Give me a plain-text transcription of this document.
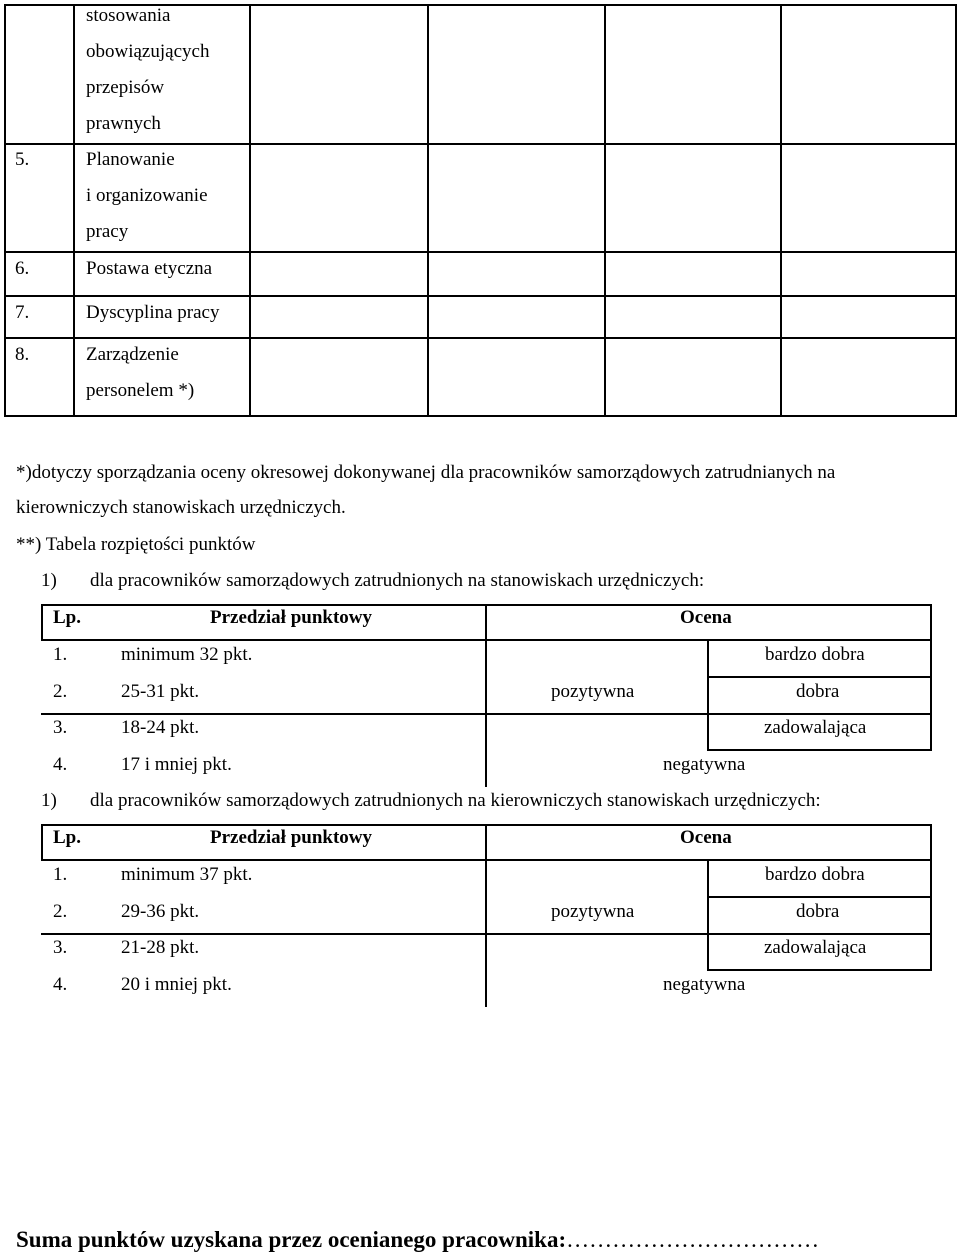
stosowania
obowiązujących
przepisów
prawnych
5.	Planowanie
i organizowanie
pracy
6.	Postawa etyczna
7.	Dyscyplina pracy
8.	Zarządzenie
personelem *)
*)dotyczy sporządzania oceny okresowej dokonywanej dla pracowników samorządowych zatrudnianych na
kierowniczych stanowiskach urzędniczych.
**) Tabela rozpiętości punktów
1) dla pracowników samorządowych zatrudnionych na stanowiskach urzędniczych:
Lp.	Przedział punktowy	Ocena
1.	minimum 32 pkt.	bardzo dobra
2.	25-31 pkt.	pozytywna	dobra
3.	18-24 pkt.	zadowalająca
4.	17 i mniej pkt.	negatywna
1) dla pracowników samorządowych zatrudnionych na kierowniczych stanowiskach urzędniczych:
Lp.	Przedział punktowy	Ocena
1.	minimum 37 pkt.	bardzo dobra
2.	29-36 pkt.	pozytywna	dobra
3.	21-28 pkt.	zadowalająca
4.	20 i mniej pkt.	negatywna
Suma punktów uzyskana przez ocenianego pracownika:……………………………
